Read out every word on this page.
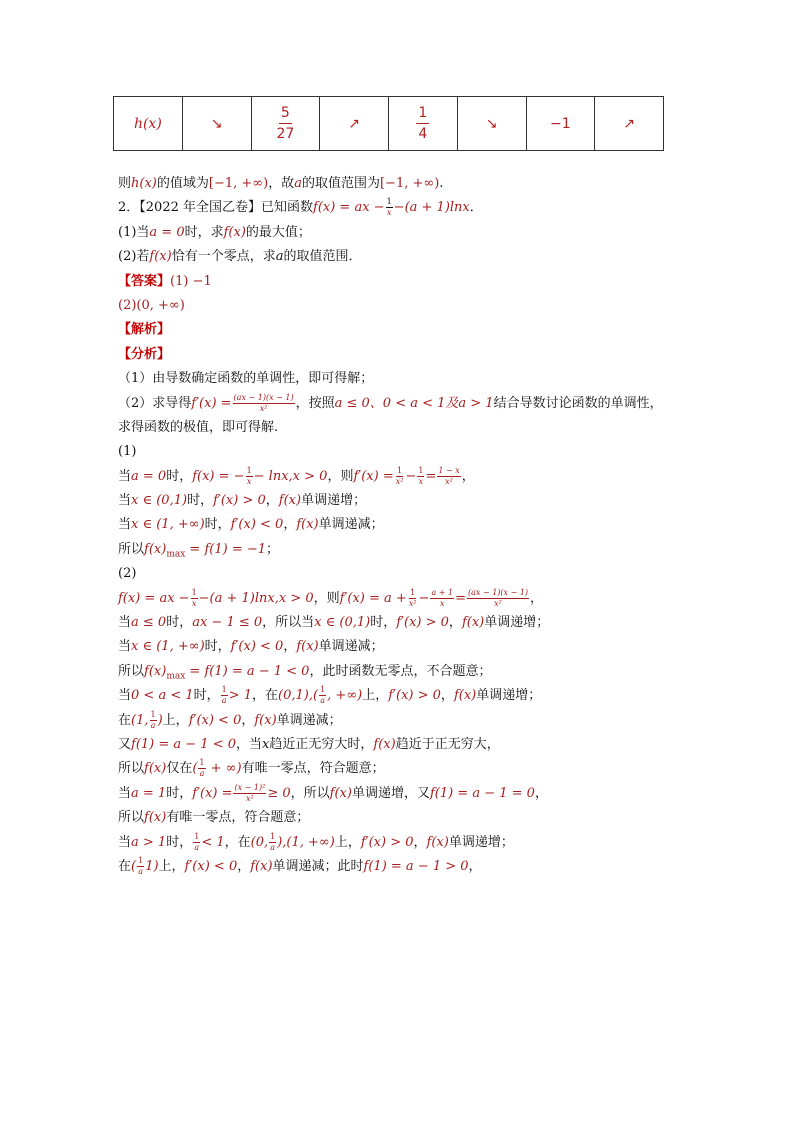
h(x)	↘	$\frac{5}{27}$	↗	$\frac{1}{4}$	↘	−1	↗
则h(x)的值域为[−1, +∞)，故a的取值范围为[−1, +∞).
2．【2022 年全国乙卷】已知函数f(x) = ax − $\frac{1}{x} -(a + 1)\ln x$．
(1)当a = 0时，求f(x)的最大值；
(2)若f(x)恰有一个零点，求a的取值范围．
【答案】(1) −1
(2)(0, +∞)
【解析】
【分析】
（1）由导数确定函数的单调性，即可得解；
（2）求导得$f'(x) = \frac{(ax - 1)(x - 1)}{\text{x²}}$ ，按照a ≤ 0、0 < a < 1及a > 1结合导数讨论函数的单调性，
求得函数的极值，即可得解.
(1)
当a = 0时，f(x) = − $\frac{1}{x} - \ln x,x > 0$，则$f'(x) = \frac{1}{\text{x²}} - \frac{1}{x} = \frac{1 - x}{\text{x²}}$ ，
当x ∈ (0,1)时，f′(x) > 0，f(x)单调递增；
当x ∈ (1, +∞)时，f′(x) < 0，f(x)单调递减；
所以$f(x)_{max} = f(1) = -1$；
(2)
f(x) = ax − $\frac{1}{x} -(a + 1)\ln x,x > 0$，则$f'(x) = a + \frac{1}{\text{x²}} - \frac{a + 1}{x} = \frac{(ax - 1)(x - 1)}{\text{x²}}$ ，
当a ≤ 0时，ax − 1 ≤ 0，所以当x ∈ (0,1)时，f′(x) > 0，f(x)单调递增；
当x ∈ (1, +∞)时，f′(x) < 0，f(x)单调递减；
所以$f(x)_{max} = f(1) = a - 1 < 0$，此时函数无零点，不合题意；
当0 < a < 1时， $\frac{1}{a} > 1$，在$(0,1),( \frac{1}{a}$ , +∞)上，f′(x) > 0，f(x)单调递增；
在(1, $\frac{1}{a}$ )上，f′(x) < 0，f(x)单调递减；
又f(1) = a − 1 < 0，当x趋近正无穷大时，f(x)趋近于正无穷大，
所以f(x)仅在( $\frac{1}{a}$ + ∞)有唯一零点，符合题意；
当a = 1时，$f'(x) = \frac{\text{(x − 1)²}}{\text{x²}} \ge 0$，所以f(x)单调递增，又f(1) = a − 1 = 0，
所以f(x)有唯一零点，符合题意；
当a > 1时， $\frac{1}{a} < 1$，在(0, $\frac{1}{a} ),(1$, +∞)上，f′(x) > 0，f(x)单调递增；
在( $\frac{1}{a} 1$)上，f′(x) < 0，f(x)单调递减；此时f(1) = a − 1 > 0，
